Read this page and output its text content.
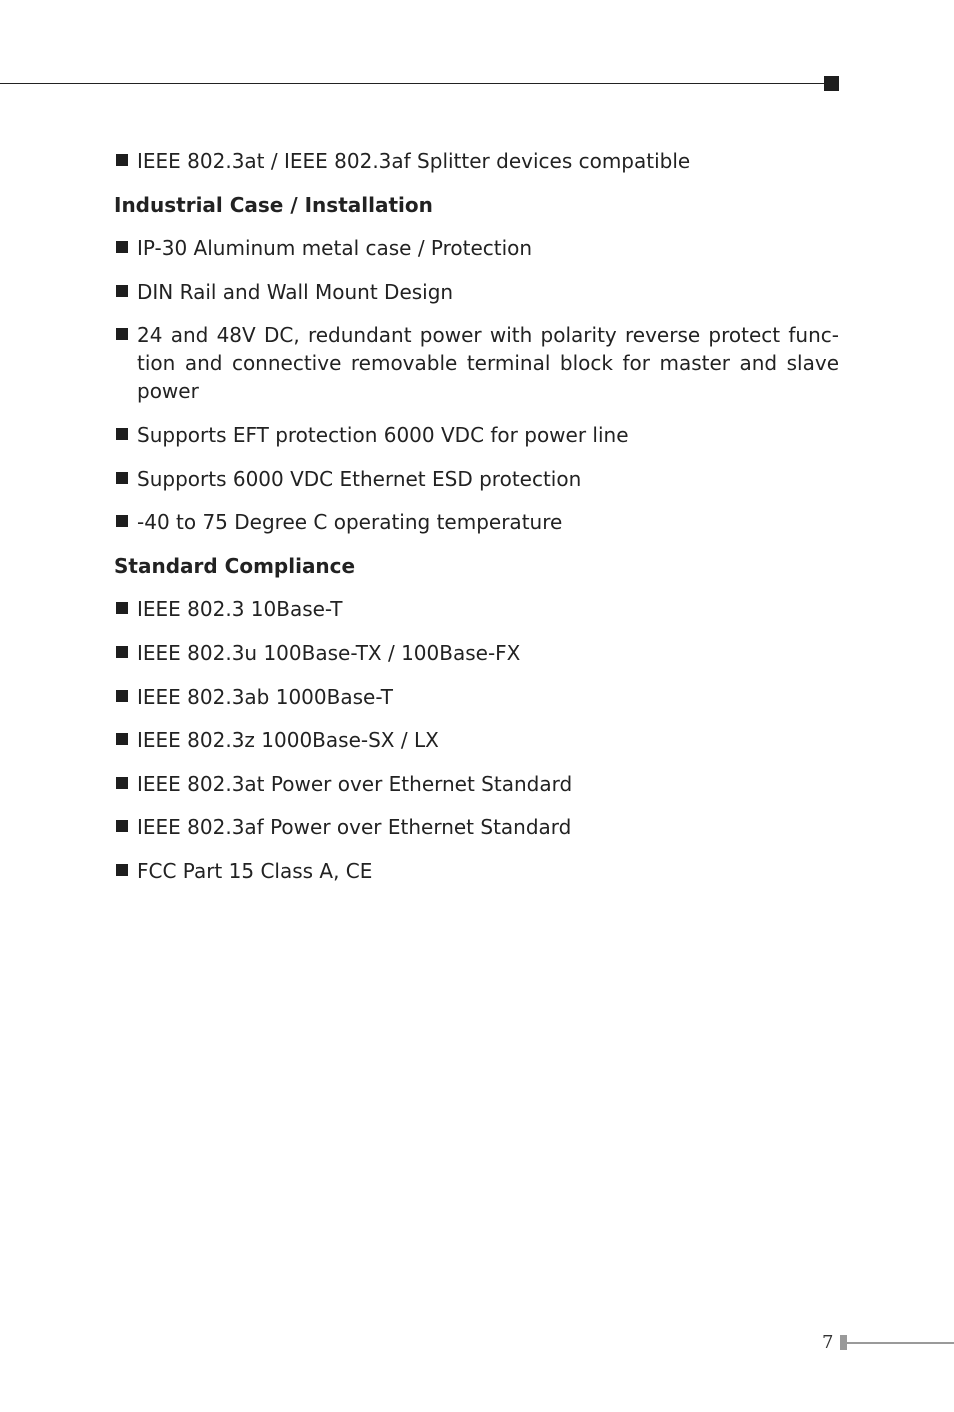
IEEE 802.3at / IEEE 802.3af Splitter devices compatible
Industrial Case / Installation
IP-30 Aluminum metal case / Protection
DIN Rail and Wall Mount Design
24 and 48V DC, redundant power with polarity reverse protect func-tion and connective removable terminal block for master and slave power
Supports EFT protection 6000 VDC for power line
Supports 6000 VDC Ethernet ESD protection
-40 to 75 Degree C operating temperature
Standard Compliance
IEEE 802.3 10Base-T
IEEE 802.3u 100Base-TX / 100Base-FX
IEEE 802.3ab 1000Base-T
IEEE 802.3z 1000Base-SX / LX
IEEE 802.3at Power over Ethernet Standard
IEEE 802.3af Power over Ethernet Standard
FCC Part 15 Class A, CE
7
